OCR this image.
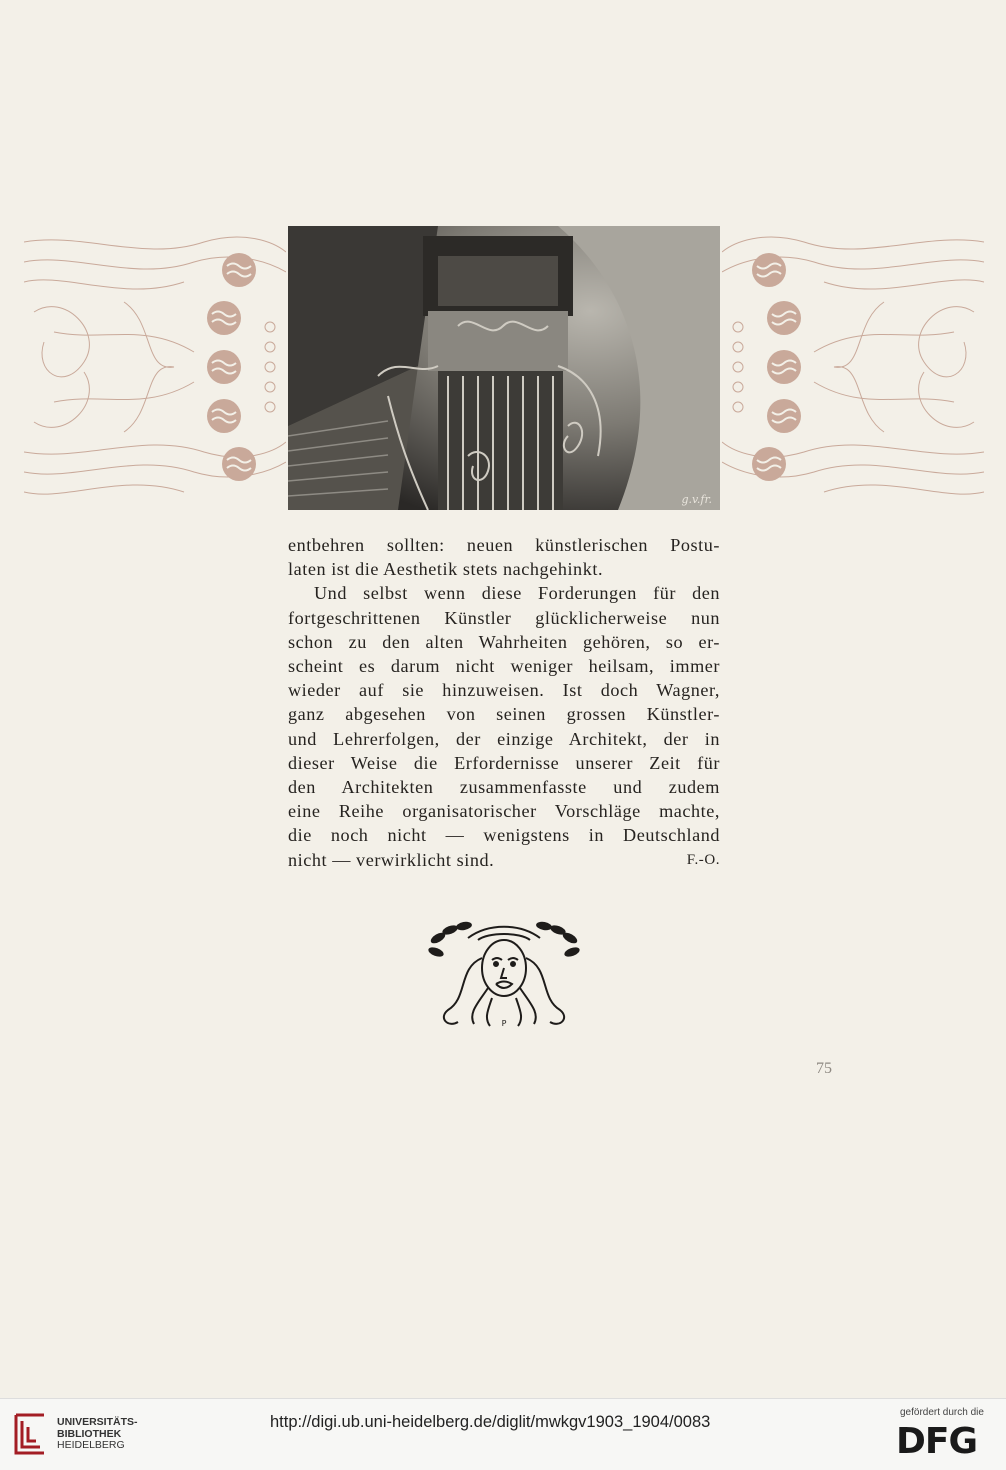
g.v.fr.
entbehren sollten: neuen künstlerischen Postu-
laten ist die Aesthetik stets nachgehinkt.
Und selbst wenn diese Forderungen für den
fortgeschrittenen Künstler glücklicherweise nun
schon zu den alten Wahrheiten gehören, so er-
scheint es darum nicht weniger heilsam, immer
wieder auf sie hinzuweisen. Ist doch Wagner,
ganz abgesehen von seinen grossen Künstler-
und Lehrerfolgen, der einzige Architekt, der in
dieser Weise die Erfordernisse unserer Zeit für
den Architekten zusammenfasste und zudem
eine Reihe organisatorischer Vorschläge machte,
die noch nicht — wenigstens in Deutschland
nicht — verwirklicht sind.	F.-O.
P
75
UNIVERSITÄTS-
BIBLIOTHEK
HEIDELBERG
http://digi.ub.uni-heidelberg.de/diglit/mwkgv1903_1904/0083
gefördert durch die
DFG
